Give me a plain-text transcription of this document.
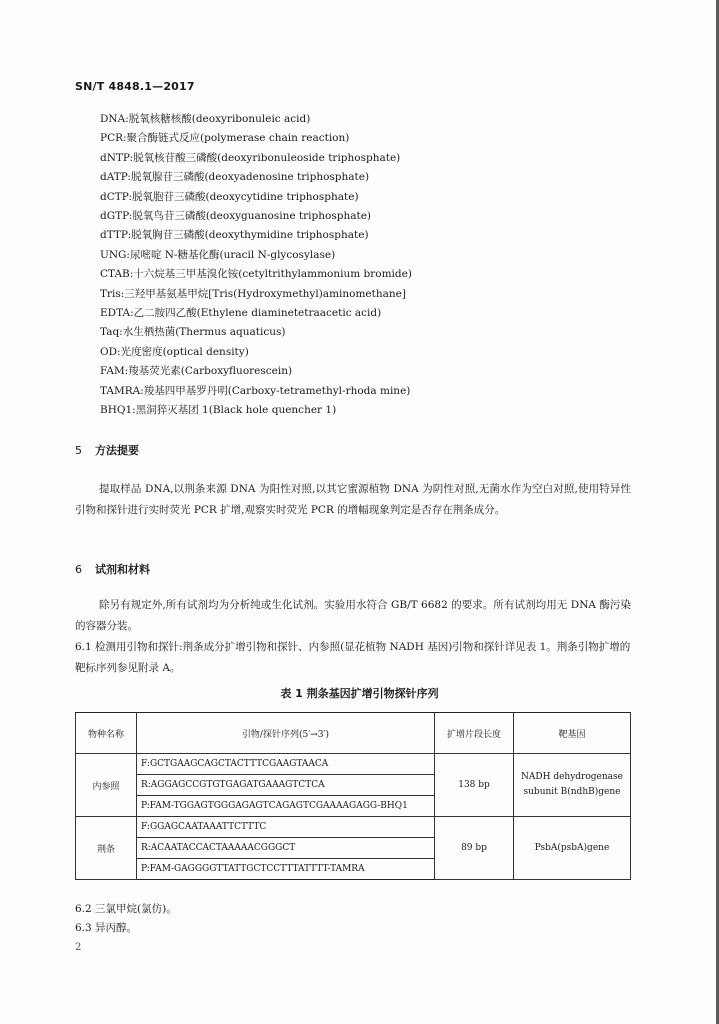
SN/T 4848.1—2017
DNA:脱氧核糖核酸(deoxyribonuleic acid)
PCR:聚合酶链式反应(polymerase chain reaction)
dNTP:脱氧核苷酸三磷酸(deoxyribonuleoside triphosphate)
dATP:脱氧腺苷三磷酸(deoxyadenosine triphosphate)
dCTP:脱氧胞苷三磷酸(deoxycytidine triphosphate)
dGTP:脱氧鸟苷三磷酸(deoxyguanosine triphosphate)
dTTP:脱氧胸苷三磷酸(deoxythymidine triphosphate)
UNG:尿嘧啶 N-糖基化酶(uracil N-glycosylase)
CTAB:十六烷基三甲基溴化铵(cetyltrithylammonium bromide)
Tris:三羟甲基氨基甲烷[Tris(Hydroxymethyl)aminomethane]
EDTA:乙二胺四乙酸(Ethylene diaminetetraacetic acid)
Taq:水生栖热菌(Thermus aquaticus)
OD:光度密度(optical density)
FAM:羧基荧光素(Carboxyfluorescein)
TAMRA:羧基四甲基罗丹明(Carboxy-tetramethyl-rhoda mine)
BHQ1:黑洞猝灭基团 1(Black hole quencher 1)
5 方法提要
提取样品 DNA,以荆条来源 DNA 为阳性对照,以其它蜜源植物 DNA 为阴性对照,无菌水作为空白对照,使用特异性引物和探针进行实时荧光 PCR 扩增,观察实时荧光 PCR 的增幅现象判定是否存在荆条成分。
6 试剂和材料
除另有规定外,所有试剂均为分析纯或生化试剂。实验用水符合 GB/T 6682 的要求。所有试剂均用无 DNA 酶污染的容器分装。
6.1 检测用引物和探针:荆条成分扩增引物和探针、内参照(显花植物 NADH 基因)引物和探针详见表 1。荆条引物扩增的靶标序列参见附录 A。
表 1 荆条基因扩增引物探针序列
物种名称	引物/探针序列(5′→3′)	扩增片段长度	靶基因
内参照	F:GCTGAAGCAGCTACTTTCGAAGTAACA	138 bp	NADH dehydrogenase subunit B(ndhB)gene
	R:AGGAGCCGTGTGAGATGAAAGTCTCA		
	P:FAM-TGGAGTGGGAGAGTCAGAGTCGAAAAGAGG-BHQ1		
荆条	F:GGAGCAATAAATTCTTTC	89 bp	PsbA(psbA)gene
	R:ACAATACCACTAAAAACGGGCT		
	P:FAM-GAGGGGTTATTGCTCCTTTATTTT-TAMRA		
6.2 三氯甲烷(氯仿)。
6.3 异丙醇。
2
